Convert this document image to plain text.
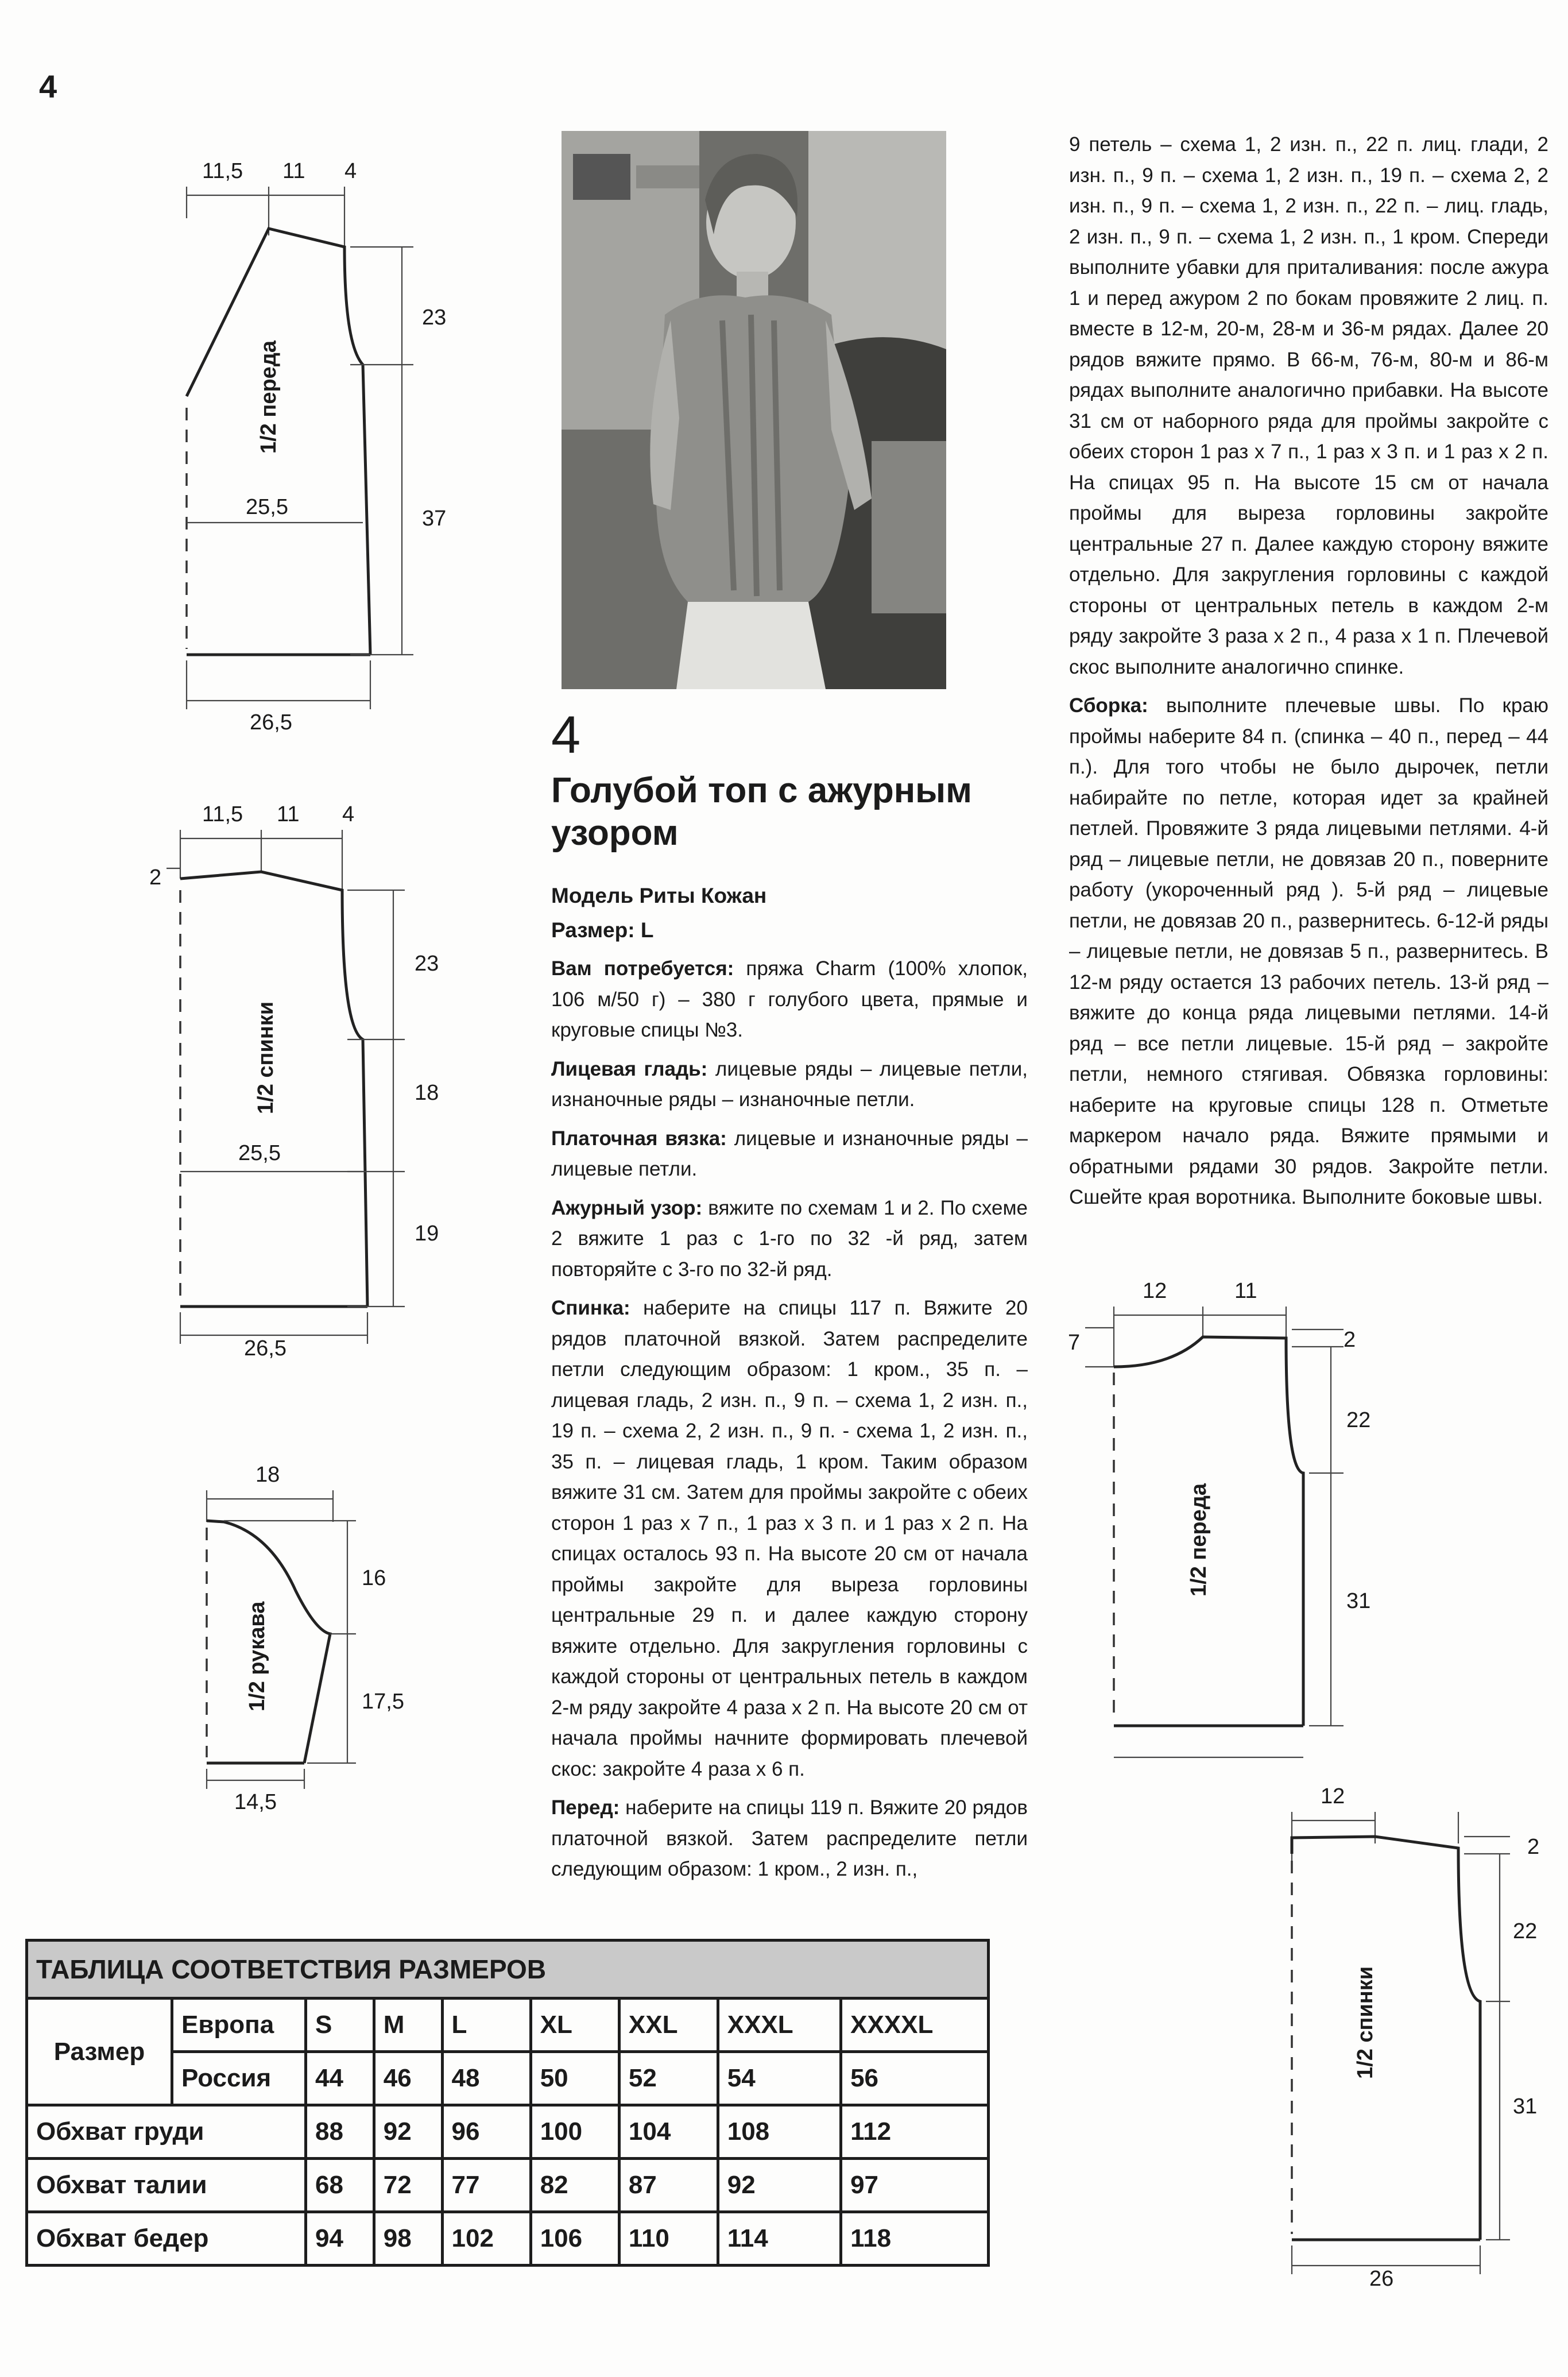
4
11,5 11 4
25,5
23
37
26,5
1/2 переда
11,5 11 4
2
25,5
23
18
19
26,5
1/2 спинки
18
16
17,5
14,5
1/2 рукава
4
Голубой топ с ажурным узором
Модель Риты Кожан
Размер: L

Вам потребуется: пряжа Charm (100% хлопок, 106 м/50 г) – 380 г голубого цвета, прямые и круговые спицы №3.

Лицевая гладь: лицевые ряды – лицевые петли, изнаночные ряды – изнаночные петли.

Платочная вязка: лицевые и изнаночные ряды – лицевые петли.

Ажурный узор: вяжите по схемам 1 и 2. По схеме 2 вяжите 1 раз с 1-го по 32 -й ряд, затем повторяйте с 3-го по 32-й ряд.

Спинка: наберите на спицы 117 п. Вяжите 20 рядов платочной вязкой. Затем распределите петли следующим образом: 1 кром., 35 п. – лицевая гладь, 2 изн. п., 9 п. – схема 1, 2 изн. п., 19 п. – схема 2, 2 изн. п., 9 п. - схема 1, 2 изн. п., 35 п. – лицевая гладь, 1 кром. Таким образом вяжите 31 см. Затем для проймы закройте с обеих сторон 1 раз х 7 п., 1 раз х 3 п. и 1 раз х 2 п. На спицах осталось 93 п. На высоте 20 см от начала проймы закройте для выреза горловины центральные 29 п. и далее каждую сторону вяжите отдельно. Для закругления горловины с каждой стороны от центральных петель в каждом 2-м ряду закройте 4 раза х 2 п. На высоте 20 см от начала проймы начните формировать плечевой скос: закройте 4 раза х 6 п.

Перед: наберите на спицы 119 п. Вяжите 20 рядов платочной вязкой. Затем распределите петли следующим образом: 1 кром., 2 изн. п.,

9 петель – схема 1, 2 изн. п., 22 п. лиц. глади, 2 изн. п., 9 п. – схема 1, 2 изн. п., 19 п. – схема 2, 2 изн. п., 9 п. – схема 1, 2 изн. п., 22 п. – лиц. гладь, 2 изн. п., 9 п. – схема 1, 2 изн. п., 1 кром. Спереди выполните убавки для приталивания: после ажура 1 и перед ажуром 2 по бокам провяжите 2 лиц. п. вместе в 12-м, 20-м, 28-м и 36-м рядах. Далее 20 рядов вяжите прямо. В 66-м, 76-м, 80-м и 86-м рядах выполните аналогично прибавки. На высоте 31 см от наборного ряда для проймы закройте с обеих сторон 1 раз х 7 п., 1 раз х 3 п. и 1 раз х 2 п. На спицах 95 п. На высоте 15 см от начала проймы для выреза горловины закройте центральные 27 п. Далее каждую сторону вяжите отдельно. Для закругления горловины с каждой стороны от центральных петель в каждом 2-м ряду закройте 3 раза х 2 п., 4 раза х 1 п. Плечевой скос выполните аналогично спинке.

Сборка: выполните плечевые швы. По краю проймы наберите 84 п. (спинка – 40 п., перед – 44 п.). Для того чтобы не было дырочек, петли набирайте по петле, которая идет за крайней петлей. Провяжите 3 ряда лицевыми петлями. 4-й ряд – лицевые петли, не довязав 20 п., поверните работу (укороченный ряд ). 5-й ряд – лицевые петли, не довязав 20 п., развернитесь. 6-12-й ряды – лицевые петли, не довязав 5 п., развернитесь. В 12-м ряду остается 13 рабочих петель. 13-й ряд – вяжите до конца ряда лицевыми петлями. 14-й ряд – все петли лицевые. 15-й ряд – закройте петли, немного стягивая. Обвязка горловины: наберите на круговые спицы 128 п. Отметьте маркером начало ряда. Вяжите прямыми и обратными рядами 30 рядов. Закройте петли. Сшейте края воротника. Выполните боковые швы.

12	11
7	2
22
31
1/2 переда
12
2
22
31
26
1/2 спинки
ТАБЛИЦА СООТВЕТСТВИЯ РАЗМЕРОВ								
Размер	Европа	S	M	L	XL	XXL	XXXL	XXXXL
	Россия	44	46	48	50	52	54	56
Обхват груди		88	92	96	100	104	108	112
Обхват талии		68	72	77	82	87	92	97
Обхват бедер		94	98	102	106	110	114	118
